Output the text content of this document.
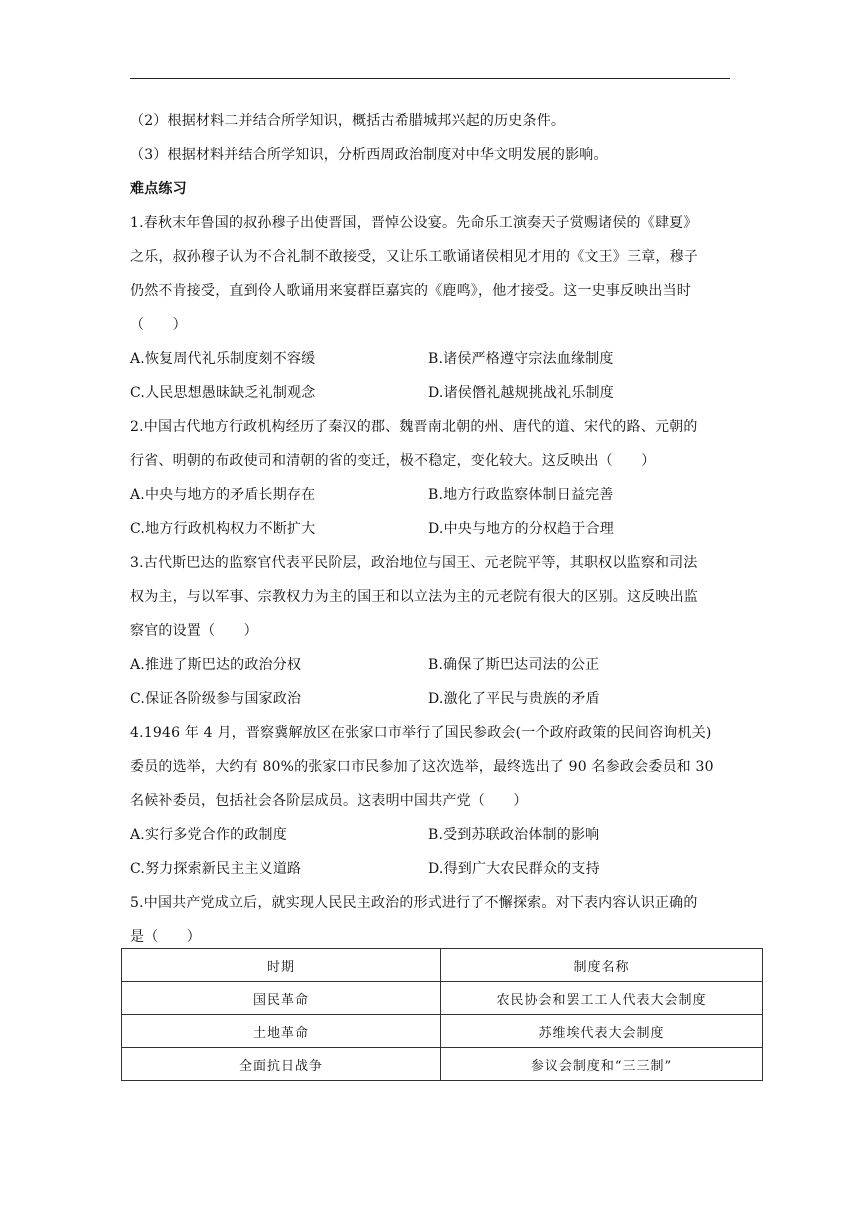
（2）根据材料二并结合所学知识，概括古希腊城邦兴起的历史条件。

（3）根据材料并结合所学知识，分析西周政治制度对中华文明发展的影响。

难点练习

1.春秋末年鲁国的叔孙穆子出使晋国，晋悼公设宴。先命乐工演奏天子赏赐诸侯的《肆夏》

之乐，叔孙穆子认为不合礼制不敢接受，又让乐工歌诵诸侯相见才用的《文王》三章，穆子

仍然不肯接受，直到伶人歌诵用来宴群臣嘉宾的《鹿鸣》，他才接受。这一史事反映出当时

（　　）

A.恢复周代礼乐制度刻不容缓	B.诸侯严格遵守宗法血缘制度
C.人民思想愚昧缺乏礼制观念	D.诸侯僭礼越规挑战礼乐制度

2.中国古代地方行政机构经历了秦汉的郡、魏晋南北朝的州、唐代的道、宋代的路、元朝的

行省、明朝的布政使司和清朝的省的变迁，极不稳定，变化较大。这反映出（　　）

A.中央与地方的矛盾长期存在	B.地方行政监察体制日益完善
C.地方行政机构权力不断扩大	D.中央与地方的分权趋于合理

3.古代斯巴达的监察官代表平民阶层，政治地位与国王、元老院平等，其职权以监察和司法

权为主，与以军事、宗教权力为主的国王和以立法为主的元老院有很大的区别。这反映出监

察官的设置（　　）

A.推进了斯巴达的政治分权	B.确保了斯巴达司法的公正
C.保证各阶级参与国家政治	D.激化了平民与贵族的矛盾

4.1946 年 4 月，晋察冀解放区在张家口市举行了国民参政会(一个政府政策的民间咨询机关)

委员的选举，大约有 80%的张家口市民参加了这次选举，最终选出了 90 名参政会委员和 30

名候补委员，包括社会各阶层成员。这表明中国共产党（　　）

A.实行多党合作的政制度	B.受到苏联政治体制的影响
C.努力探索新民主主义道路	D.得到广大农民群众的支持

5.中国共产党成立后，就实现人民民主政治的形式进行了不懈探索。对下表内容认识正确的

是（　　）

时期	制度名称
国民革命	农民协会和罢工工人代表大会制度
土地革命	苏维埃代表大会制度
全面抗日战争	参议会制度和“三三制”
